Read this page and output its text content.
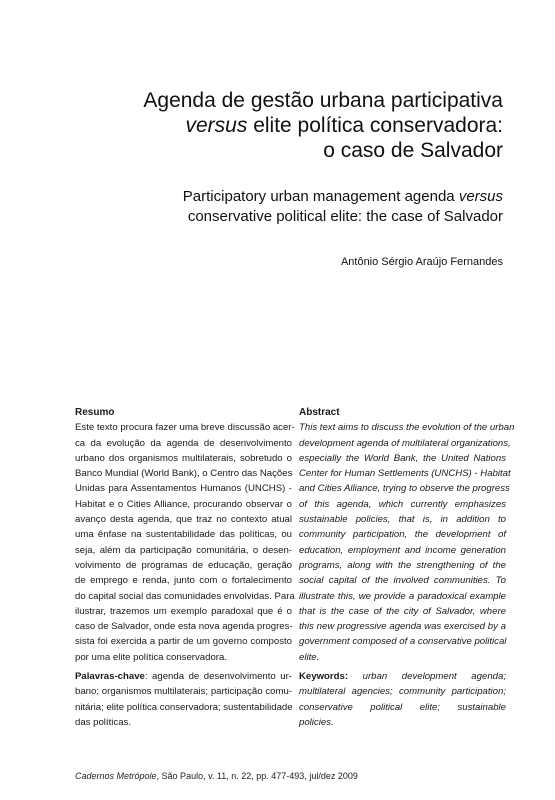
Agenda de gestão urbana participativa
versus elite política conservadora:
o caso de Salvador
Participatory urban management agenda versus
conservative political elite: the case of Salvador
Antônio Sérgio Araújo Fernandes
Resumo
Este texto procura fazer uma breve discussão acer-
ca da evolução da agenda de desenvolvimento
urbano dos organismos multilaterais, sobretudo o
Banco Mundial (World Bank), o Centro das Nações
Unidas para Assentamentos Humanos (UNCHS) -
Habitat e o Cities Alliance, procurando observar o
avanço desta agenda, que traz no contexto atual
uma ênfase na sustentabilidade das políticas, ou
seja, além da participação comunitária, o desen-
volvimento de programas de educação, geração
de emprego e renda, junto com o fortalecimento
do capital social das comunidades envolvidas. Para
ilustrar, trazemos um exemplo paradoxal que é o
caso de Salvador, onde esta nova agenda progres-
sista foi exercida a partir de um governo composto
por uma elite política conservadora.
Palavras-chave: agenda de desenvolvimento ur-
bano; organismos multilaterais; participação comu-
nitária; elite política conservadora; sustentabilidade
das políticas.
Abstract
This text aims to discuss the evolution of the urban
development agenda of multilateral organizations,
especially the World Bank, the United Nations
Center for Human Settlements (UNCHS) - Habitat
and Cities Alliance, trying to observe the progress
of this agenda, which currently emphasizes
sustainable policies, that is, in addition to
community participation, the development of
education, employment and income generation
programs, along with the strengthening of the
social capital of the involved communities. To
illustrate this, we provide a paradoxical example
that is the case of the city of Salvador, where
this new progressive agenda was exercised by a
government composed of a conservative political
elite.
Keywords: urban development agenda;
multilateral agencies; community participation;
conservative political elite; sustainable
policies.
Cadernos Metrópole, São Paulo, v. 11, n. 22, pp. 477-493, jul/dez 2009
